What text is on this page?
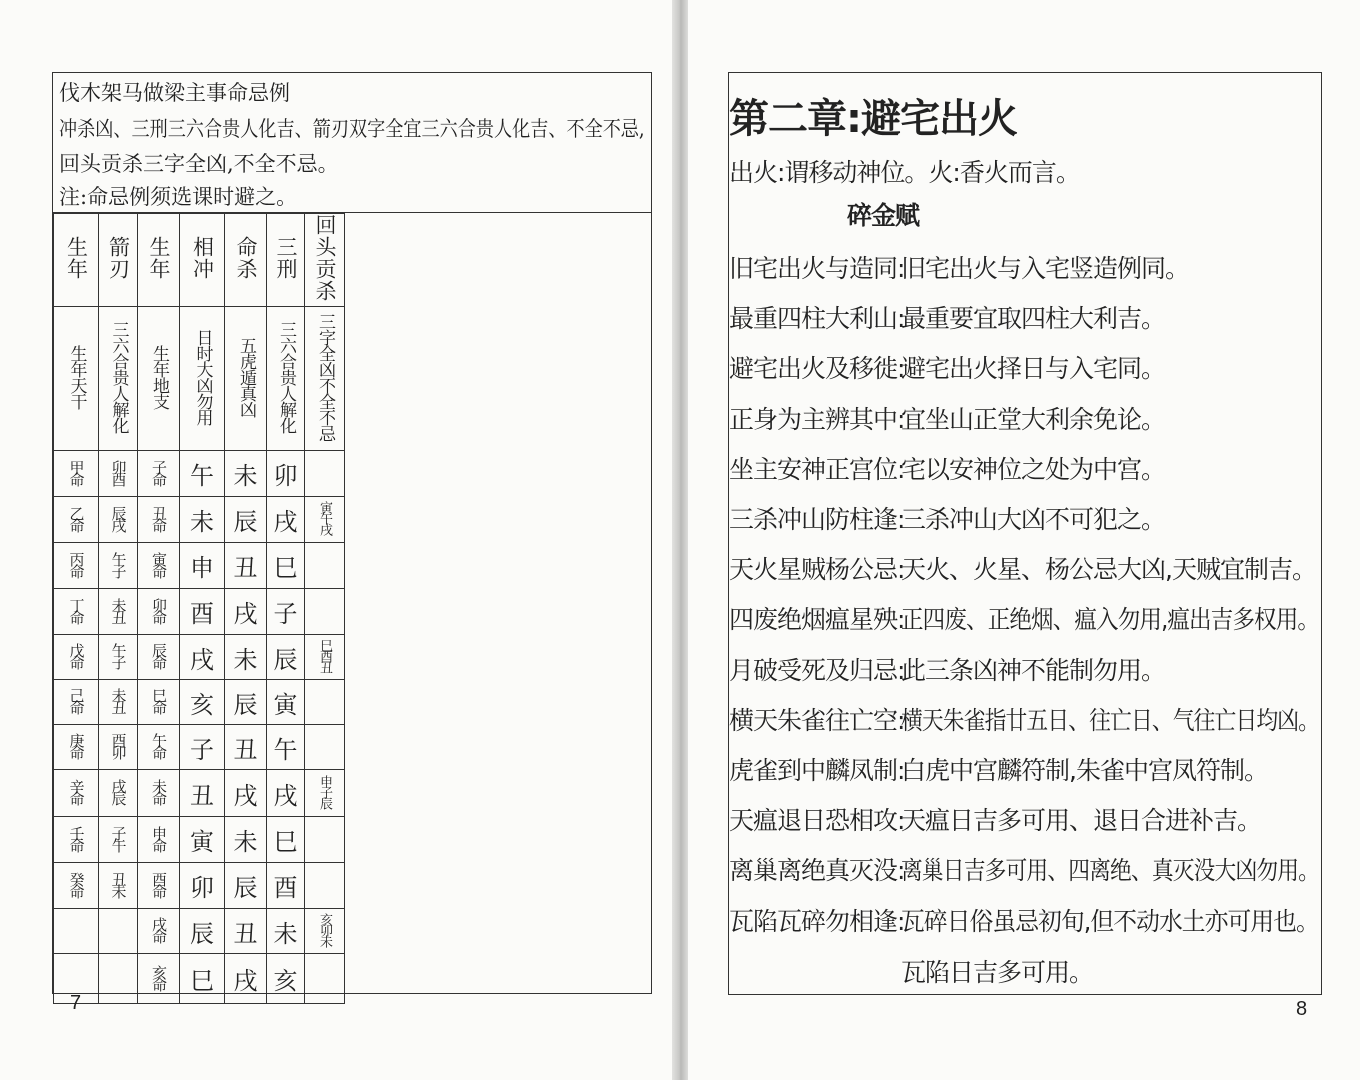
伐木架马做梁主事命忌例
冲杀凶、三刑三六合贵人化吉、箭刃双字全宜三六合贵人化吉、不全不忌,
回头贡杀三字全凶,不全不忌。
注:命忌例须选课时避之。
生年	箭刃	生年	相冲	命杀	三刑	回头贡杀
生年天干	三六合贵人解化	生年地支	日时大凶勿用	五虎遁真凶	三六合贵人解化	三字全凶不全不忌
甲命	卯酉	子命	午	未	卯	
乙命	辰戌	丑命	未	辰	戌	寅午戌
丙命	午子	寅命	申	丑	巳	
丁命	未丑	卯命	酉	戌	子	
戊命	午子	辰命	戌	未	辰	巳酉丑
己命	未丑	巳命	亥	辰	寅	
庚命	酉卯	午命	子	丑	午	
辛命	戌辰	未命	丑	戌	戌	申子辰
壬命	子午	申命	寅	未	巳	
癸命	丑未	酉命	卯	辰	酉	
		戌命	辰	丑	未	亥卯未
		亥命	巳	戌	亥	
7
第二章:避宅出火
出火:谓移动神位。火:香火而言。
碎金赋
旧宅出火与造同:
旧宅出火与入宅竖造例同。
最重四柱大利山:
最重要宜取四柱大利吉。
避宅出火及移徙:
避宅出火择日与入宅同。
正身为主辨其中:
宜坐山正堂大利余免论。
坐主安神正宫位:
宅以安神位之处为中宫。
三杀冲山防柱逢:
三杀冲山大凶不可犯之。
天火星贼杨公忌:
天火、火星、杨公忌大凶,天贼宜制吉。
四废绝烟瘟星殃:
正四废、正绝烟、瘟入勿用,瘟出吉多权用。
月破受死及归忌:
此三条凶神不能制勿用。
横天朱雀往亡空:
横天朱雀指廿五日、往亡日、气往亡日均凶。
虎雀到中麟凤制:
白虎中宫麟符制,朱雀中宫凤符制。
天瘟退日恐相攻:
天瘟日吉多可用、退日合进补吉。
离巢离绝真灭没:
离巢日吉多可用、四离绝、真灭没大凶勿用。
瓦陷瓦碎勿相逢:
瓦碎日俗虽忌初旬,但不动水土亦可用也。
瓦陷日吉多可用。
8
